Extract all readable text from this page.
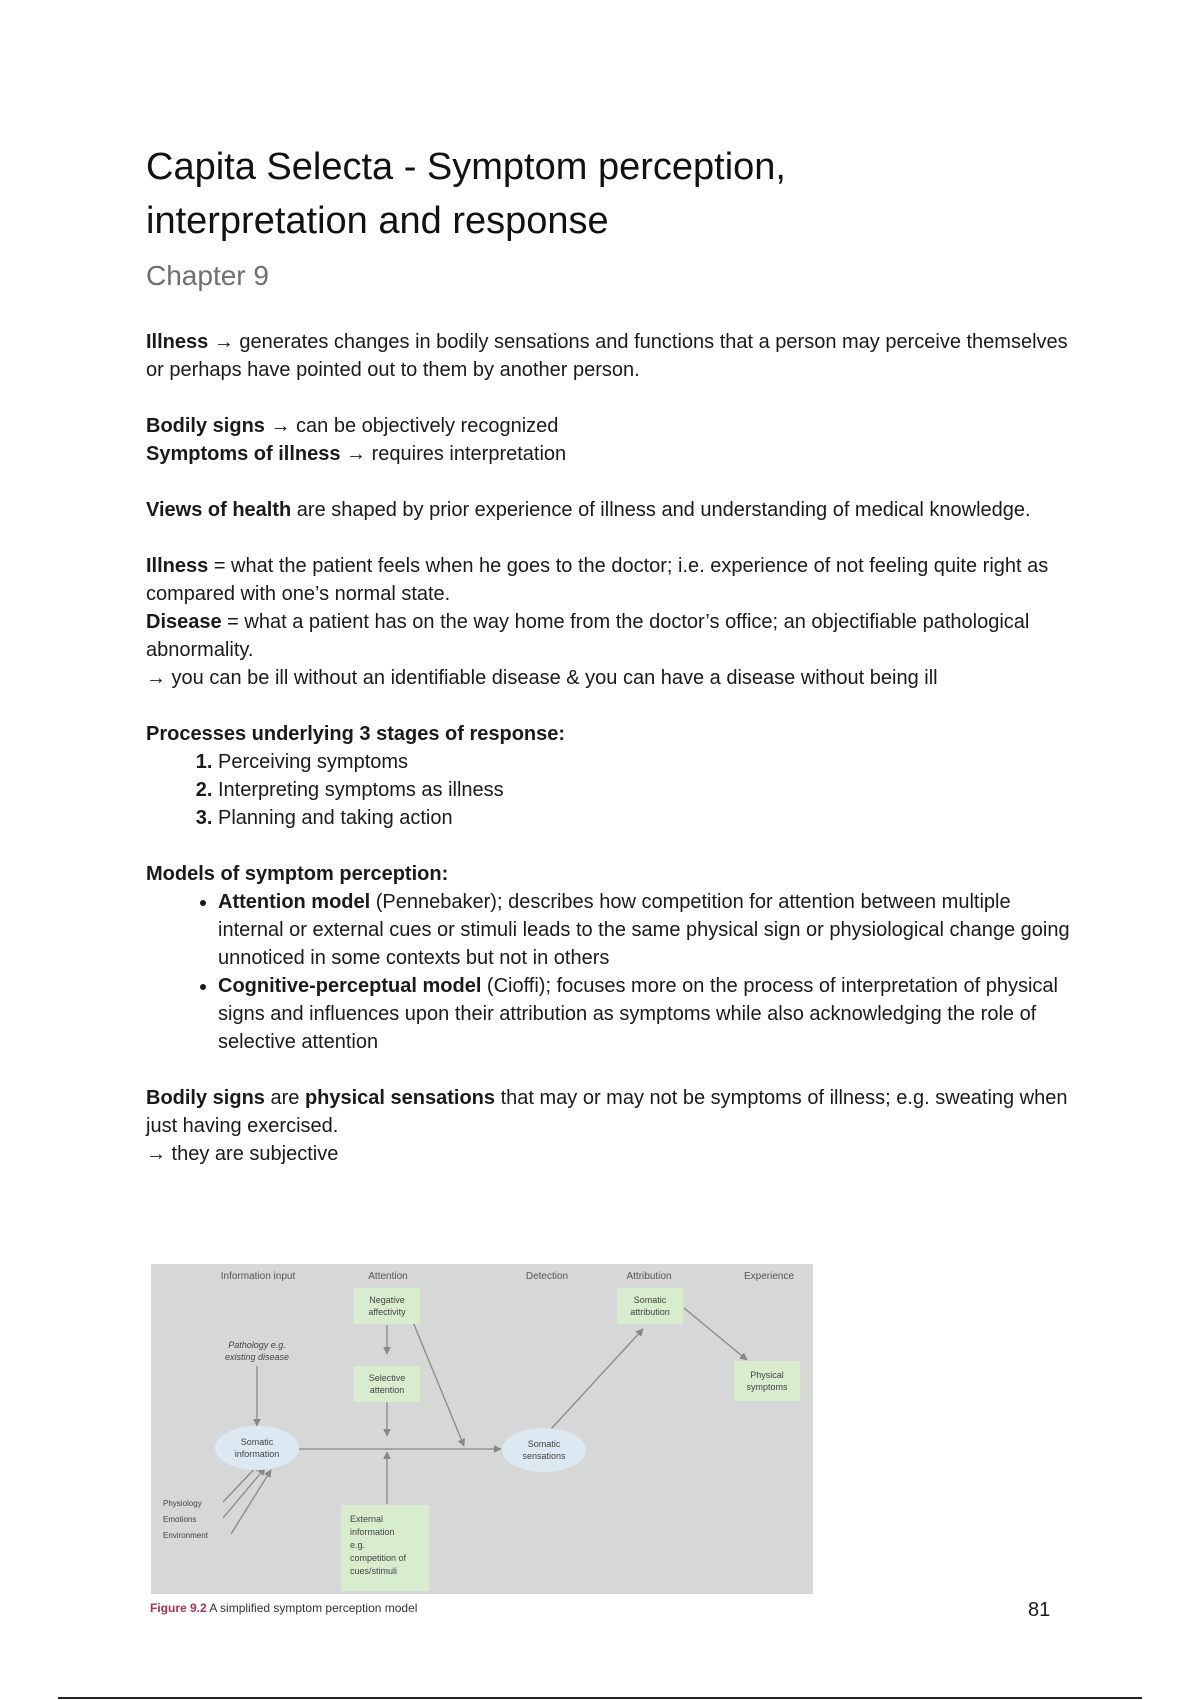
Capita Selecta - Symptom perception,
interpretation and response
Chapter 9

Illness → generates changes in bodily sensations and functions that a person may perceive themselves or perhaps have pointed out to them by another person.

Bodily signs → can be objectively recognized
Symptoms of illness → requires interpretation

Views of health are shaped by prior experience of illness and understanding of medical knowledge.

Illness = what the patient feels when he goes to the doctor; i.e. experience of not feeling quite right as compared with one’s normal state.
Disease = what a patient has on the way home from the doctor’s office; an objectifiable pathological abnormality.
→ you can be ill without an identifiable disease & you can have a disease without being ill

Processes underlying 3 stages of response:

1. Perceiving symptoms
2. Interpreting symptoms as illness
3. Planning and taking action

Models of symptom perception:

• Attention model (Pennebaker); describes how competition for attention between multiple internal or external cues or stimuli leads to the same physical sign or physiological change going unnoticed in some contexts but not in others
• Cognitive-perceptual model (Cioffi); focuses more on the process of interpretation of physical signs and influences upon their attribution as symptoms while also acknowledging the role of selective attention

Bodily signs are physical sensations that may or may not be symptoms of illness; e.g. sweating when just having exercised.
→ they are subjective

Information input	Attention	Detection	Attribution	Experience
Negative
affectivity
Selective
attention
External
information
e.g.
competition of
cues/stimuli
Somatic
attribution
Physical
symptoms
Pathology e.g.
existing disease
Somatic
information
Somatic
sensations
Physiology
Emotions
Environment
Figure 9.2 A simplified symptom perception model	81
